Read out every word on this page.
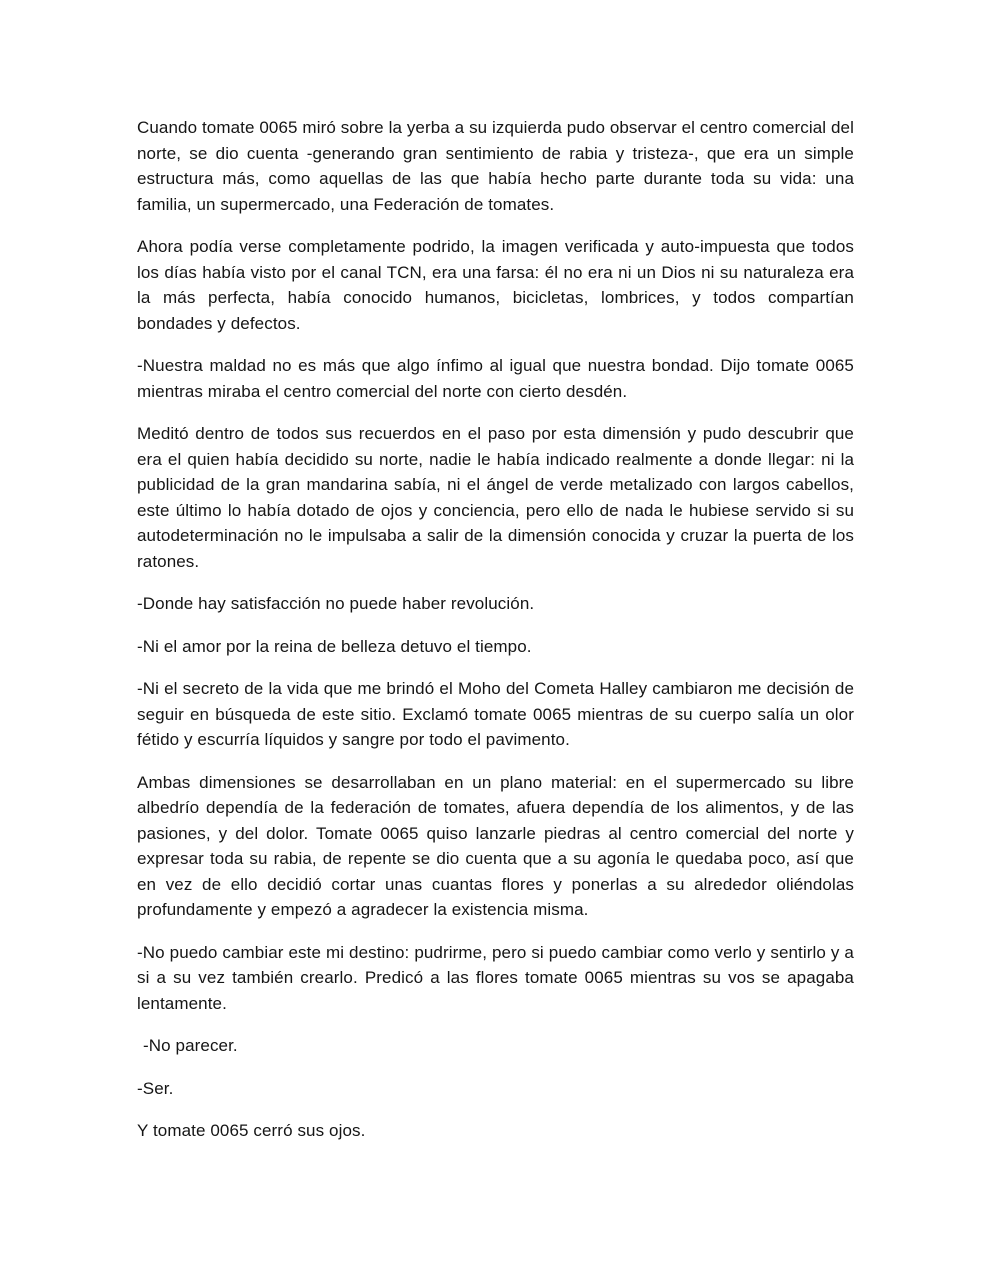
Cuando tomate 0065 miró sobre la yerba a su izquierda pudo observar el centro comercial del norte, se dio cuenta -generando gran sentimiento de rabia y tristeza-, que era un simple estructura más, como aquellas de las que había hecho parte durante toda su vida: una familia, un supermercado, una Federación de tomates.

Ahora podía verse completamente podrido, la imagen verificada y auto-impuesta que todos los días había visto por el canal TCN, era una farsa: él no era ni un Dios ni su naturaleza era la más perfecta, había conocido humanos, bicicletas, lombrices, y todos compartían bondades y defectos.

-Nuestra maldad no es más que algo ínfimo al igual que nuestra bondad. Dijo tomate 0065 mientras miraba el centro comercial del norte con cierto desdén.

Meditó dentro de todos sus recuerdos en el paso por esta dimensión y pudo descubrir que era el quien había decidido su norte, nadie le había indicado realmente a donde llegar: ni la publicidad de la gran mandarina sabía, ni el ángel de verde metalizado con largos cabellos, este último lo había dotado de ojos y conciencia, pero ello de nada le hubiese servido si su autodeterminación no le impulsaba a salir de la dimensión conocida y cruzar la puerta de los ratones.

-Donde hay satisfacción no puede haber revolución.

-Ni el amor por la reina de belleza detuvo el tiempo.

-Ni el secreto de la vida que me brindó el Moho del Cometa Halley cambiaron me decisión de seguir en búsqueda de este sitio. Exclamó tomate 0065 mientras de su cuerpo salía un olor fétido y escurría líquidos y sangre por todo el pavimento.

Ambas dimensiones se desarrollaban en un plano material: en el supermercado su libre albedrío dependía de la federación de tomates, afuera dependía de los alimentos, y de las pasiones, y del dolor. Tomate 0065 quiso lanzarle piedras al centro comercial del norte y expresar toda su rabia, de repente se dio cuenta que a su agonía le quedaba poco, así que en vez de ello decidió cortar unas cuantas flores y ponerlas a su alrededor oliéndolas profundamente y empezó a agradecer la existencia misma.

-No puedo cambiar este mi destino: pudrirme, pero si puedo cambiar como verlo y sentirlo y a si a su vez también crearlo. Predicó a las flores tomate 0065 mientras su vos se apagaba lentamente.

-No parecer.

-Ser.

Y tomate 0065 cerró sus ojos.
